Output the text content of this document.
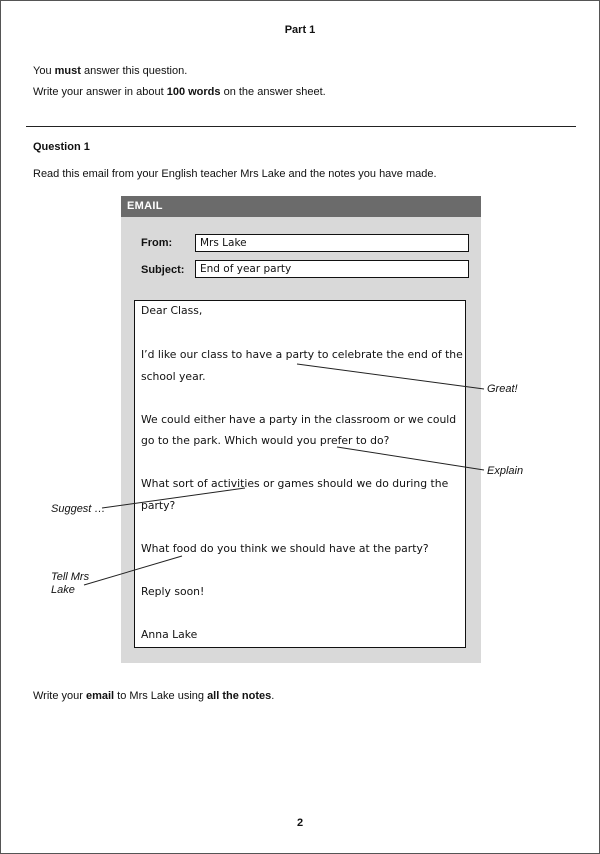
Part 1

You must answer this question.

Write your answer in about 100 words on the answer sheet.

Question 1

Read this email from your English teacher Mrs Lake and the notes you have made.

EMAIL

From:	Mrs Lake

Subject:	End of year party

Dear Class,

I’d like our class to have a party to celebrate the end of the

school year.

We could either have a party in the classroom or we could

go to the park. Which would you prefer to do?

What sort of activities or games should we do during the

party?

What food do you think we should have at the party?

Reply soon!

Anna Lake

Great!

Explain

Suggest …

Tell Mrs

Lake

Write your email to Mrs Lake using all the notes.

2
